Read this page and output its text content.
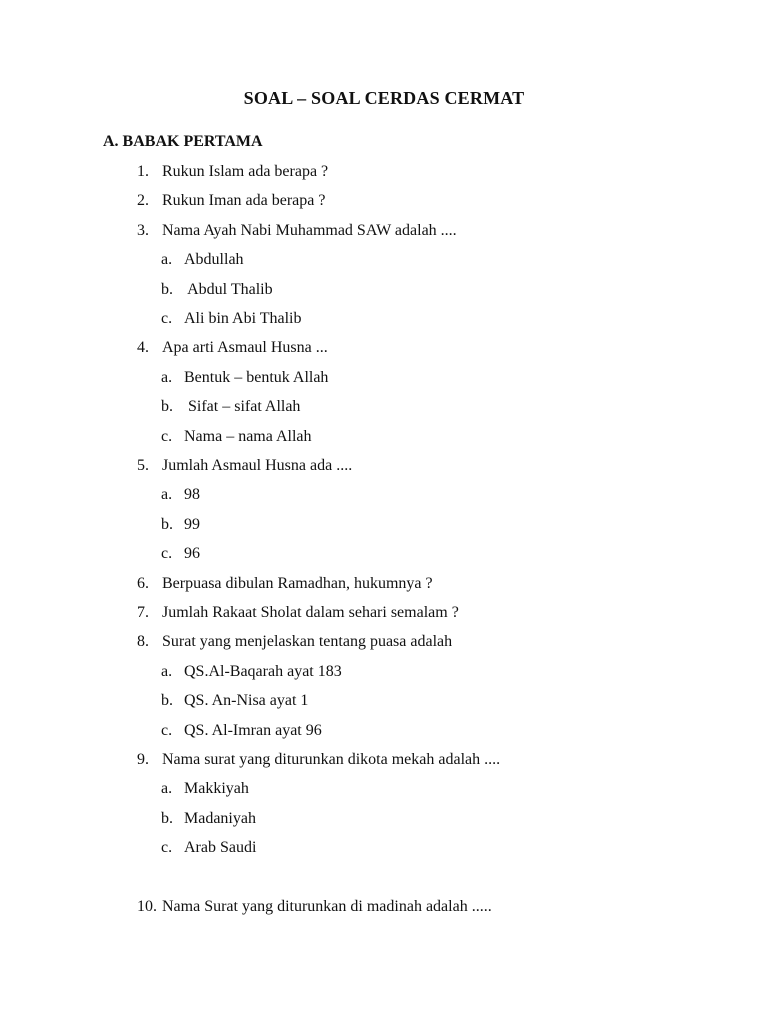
SOAL – SOAL CERDAS CERMAT
A. BABAK PERTAMA
1. Rukun Islam ada berapa ?
2. Rukun Iman ada berapa ?
3. Nama Ayah Nabi Muhammad SAW adalah ....
a. Abdullah
b. Abdul Thalib
c. Ali bin Abi Thalib
4. Apa arti Asmaul Husna ...
a. Bentuk – bentuk Allah
b. Sifat – sifat Allah
c. Nama – nama Allah
5. Jumlah Asmaul Husna ada ....
a. 98
b. 99
c. 96
6. Berpuasa dibulan Ramadhan, hukumnya ?
7. Jumlah Rakaat Sholat dalam sehari semalam ?
8. Surat yang menjelaskan tentang puasa adalah
a. QS.Al-Baqarah ayat 183
b. QS. An-Nisa ayat 1
c. QS. Al-Imran ayat 96
9. Nama surat yang diturunkan dikota mekah adalah ....
a. Makkiyah
b. Madaniyah
c. Arab Saudi
10. Nama Surat yang diturunkan di madinah adalah .....
